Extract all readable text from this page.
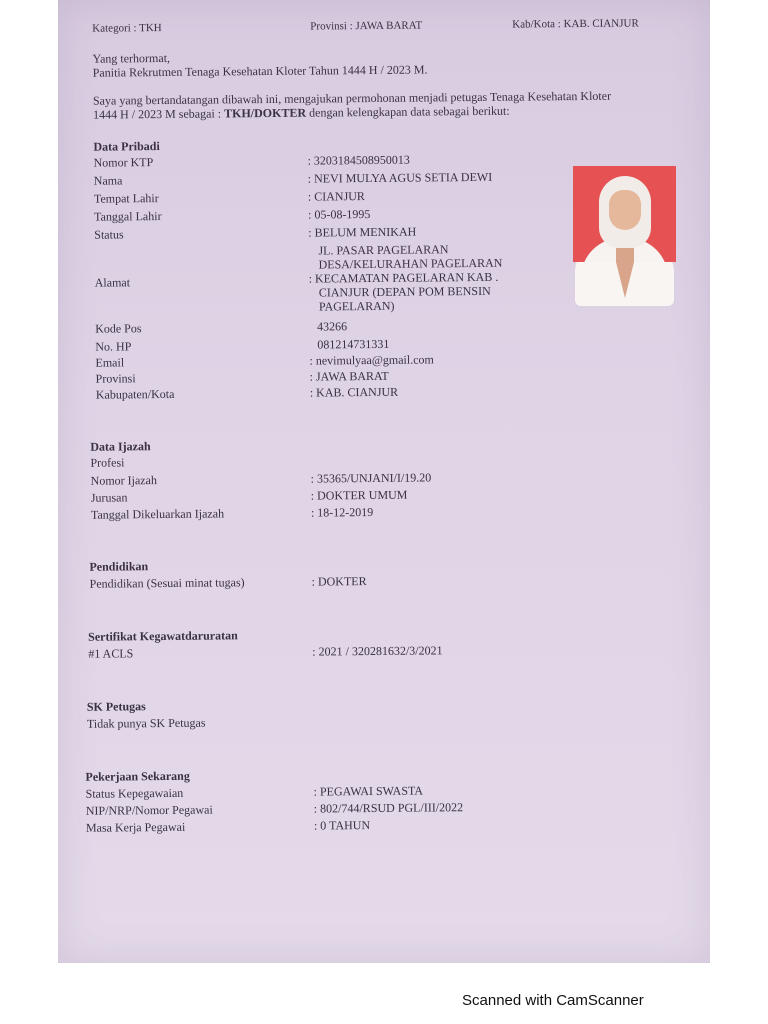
Kategori : TKH	Provinsi : JAWA BARAT	Kab/Kota : KAB. CIANJUR
Yang terhormat,
Panitia Rekrutmen Tenaga Kesehatan Kloter Tahun 1444 H / 2023 M.
Saya yang bertandatangan dibawah ini, mengajukan permohonan menjadi petugas Tenaga Kesehatan Kloter
1444 H / 2023 M sebagai : TKH/DOKTER dengan kelengkapan data sebagai berikut:
Data Pribadi
Nomor KTP	: 3203184508950013
Nama	: NEVI MULYA AGUS SETIA DEWI
Tempat Lahir	: CIANJUR
Tanggal Lahir	: 05-08-1995
Status	: BELUM MENIKAH
JL. PASAR PAGELARAN
DESA/KELURAHAN PAGELARAN
Alamat	: KECAMATAN PAGELARAN KAB .
CIANJUR (DEPAN POM BENSIN
PAGELARAN)
Kode Pos	43266
No. HP	081214731331
Email	: nevimulyaa@gmail.com
Provinsi	: JAWA BARAT
Kabupaten/Kota	: KAB. CIANJUR
Data Ijazah
Profesi
Nomor Ijazah	: 35365/UNJANI/I/19.20
Jurusan	: DOKTER UMUM
Tanggal Dikeluarkan Ijazah	: 18-12-2019
Pendidikan
Pendidikan (Sesuai minat tugas)	: DOKTER
Sertifikat Kegawatdaruratan
#1 ACLS	: 2021 / 320281632/3/2021
SK Petugas
Tidak punya SK Petugas
Pekerjaan Sekarang
Status Kepegawaian	: PEGAWAI SWASTA
NIP/NRP/Nomor Pegawai	: 802/744/RSUD PGL/III/2022
Masa Kerja Pegawai	: 0 TAHUN
Scanned with CamScanner
